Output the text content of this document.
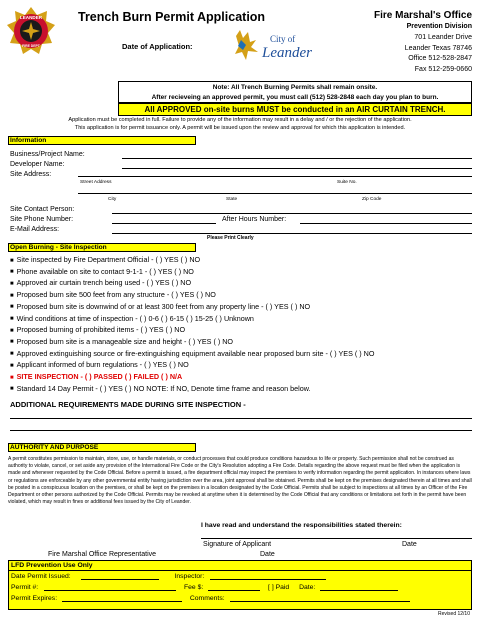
LEANDER
FIRE DEPT
Trench Burn Permit Application
Date of Application:
City of
Leander
Fire Marshal's Office
Prevention Division
701 Leander Drive
Leander Texas 78746
Office 512-528-2847
Fax 512-259-0660
Note: All Trench Burning Permits shall remain onsite.
After recieveing an approved permit, you must call (512) 528-2848 each day you plan to burn.
All APPROVED on-site burns MUST be conducted in an AIR CURTAIN TRENCH.
Application must be completed in full. Failure to provide any of the information may result in a delay and / or the rejection of the application.
This application is for permit issuance only. A permit will be issued upon the review and approval for which this application is intended.
Information
Business/Project Name:
Developer Name:
Site Address:
Street Address	Suite No.
City	State	Zip Code
Site Contact Person:
Site Phone Number:	After Hours Number:
E-Mail Address:
Please Print Clearly
Open Burning - Site Inspection
■ Site inspected by Fire Department Official - ( ) YES ( ) NO
■ Phone available on site to contact 9-1-1 - ( ) YES ( ) NO
■ Approved air curtain trench being used - ( ) YES ( ) NO
■ Proposed burn site 500 feet from any structure - ( ) YES ( ) NO
■ Proposed burn site is downwind of or at least 300 feet from any property line - ( ) YES ( ) NO
■ Wind conditions at time of inspection - ( ) 0-6 ( ) 6-15 ( ) 15-25 ( ) Unknown
■ Proposed burning of prohibited items - ( ) YES ( ) NO
■ Proposed burn site is a manageable size and height - ( ) YES ( ) NO
■ Approved extinguishing source or fire-extinguishing equipment available near proposed burn site - ( ) YES ( ) NO
■ Applicant informed of burn regulations - ( ) YES ( ) NO
■ SITE INSPECTION - ( ) PASSED ( ) FAILED ( ) N/A
■ Standard 14 Day Permit - ( ) YES ( ) NO NOTE: If NO, Denote time frame and reason below.
ADDITIONAL REQUIREMENTS MADE DURING SITE INSPECTION -
AUTHORITY AND PURPOSE
A permit constitutes permission to maintain, store, use, or handle materials, or conduct processes that could produce conditions hazardous to life or property. Such permission shall not be construed as authority to violate, cancel, or set aside any provision of the International Fire Code or the City's Resolution adopting a Fire Code. Details regarding the above request must be filed when the application is made and whenever requested by the Code Official. Before a permit is issued, a fire department official may inspect the premises to verify information regarding the permit application. In instances where laws or regulations are enforceable by any other governmental entity having jurisdiction over the area, joint approval shall be obtained. Permits shall be kept on the premises designated therein at all times and shall be posted in a conspicuous location on the premises, or shall be kept on the premises in a location designated by the Code Official. Permits shall be subject to inspections at all times by an Officer of the Fire Department or other persons authorized by the Code Official. Permits may be revoked at anytime when it is determined by the Code Official that any conditions or limitations set forth in the permit have been violated, which may result in fines or additional fees issued by the City of Leander.
I have read and understand the responsibilities stated therein:
Signature of Applicant	Date
LFD Prevention Use Only
Date Permit Issued:	Inspector:
Permit #:	Fee $:	[ ] Paid Date:
Permit Expires:	Comments:
Revised 12/10
Fire Marshal Office Representative	Date
